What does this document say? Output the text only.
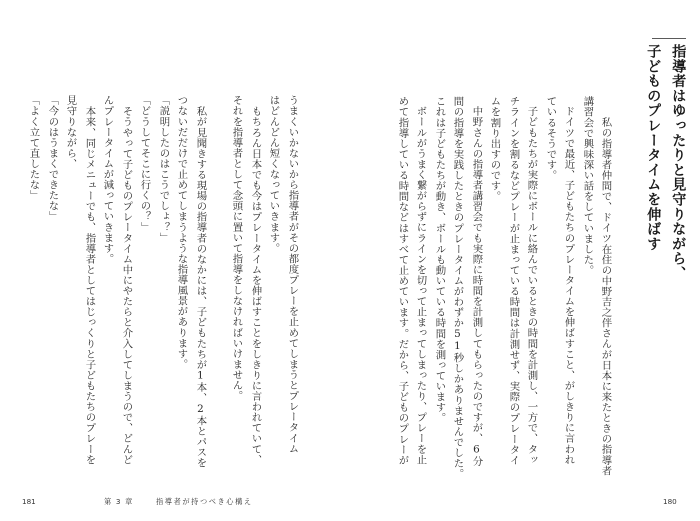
指導者はゆったりと見守りながら、
子どものプレータイムを伸ばす
私の指導者仲間で、ドイツ在住の中野吉之伴さんが日本に来たときの指導者
講習会で興味深い話をしていました。
ドイツで最近、子どもたちのプレータイムを伸ばすこと、がしきりに言われ
ているそうです。
子どもたちが実際にボールに絡んでいるときの時間を計測し、一方で、タッ
チラインを割るなどプレーが止まっている時間は計測せず、実際のプレータイ
ムを割り出すのです。
中野さんの指導者講習会でも実際に時間を計測してもらったのですが、6分
間の指導を実践したときのプレータイムがわずか51秒しかありませんでした。
これは子どもたちが動き、ボールも動いている時間を測っています。
ボールがうまく繋がらずにラインを切って止まってしまったり、プレーを止
めて指導している時間などはすべて止めています。だから、子どものプレーが
うまくいかないから指導者がその都度プレーを止めてしまうとプレータイム
はどんどん短くなっていきます。
もちろん日本でも今はプレータイムを伸ばすことをしきりに言われていて、
それを指導者として念頭に置いて指導をしなければいけません。
私が見聞きする現場の指導者のなかには、子どもたちが1本、2本とパスを
つないだだけで止めてしまうような指導風景があります。
「説明したのはこうでしょ？」
「どうしてそこに行くの？」
そうやって子どものプレータイム中にやたらと介入してしまうので、どんど
んプレータイムが減っていきます。
本来、同じメニューでも、指導者としてはじっくりと子どもたちのプレーを
見守りながら、
「今のはうまくできたな」
「よく立て直したな」
181	第 3 章	指導者が持つべき心構え	180
